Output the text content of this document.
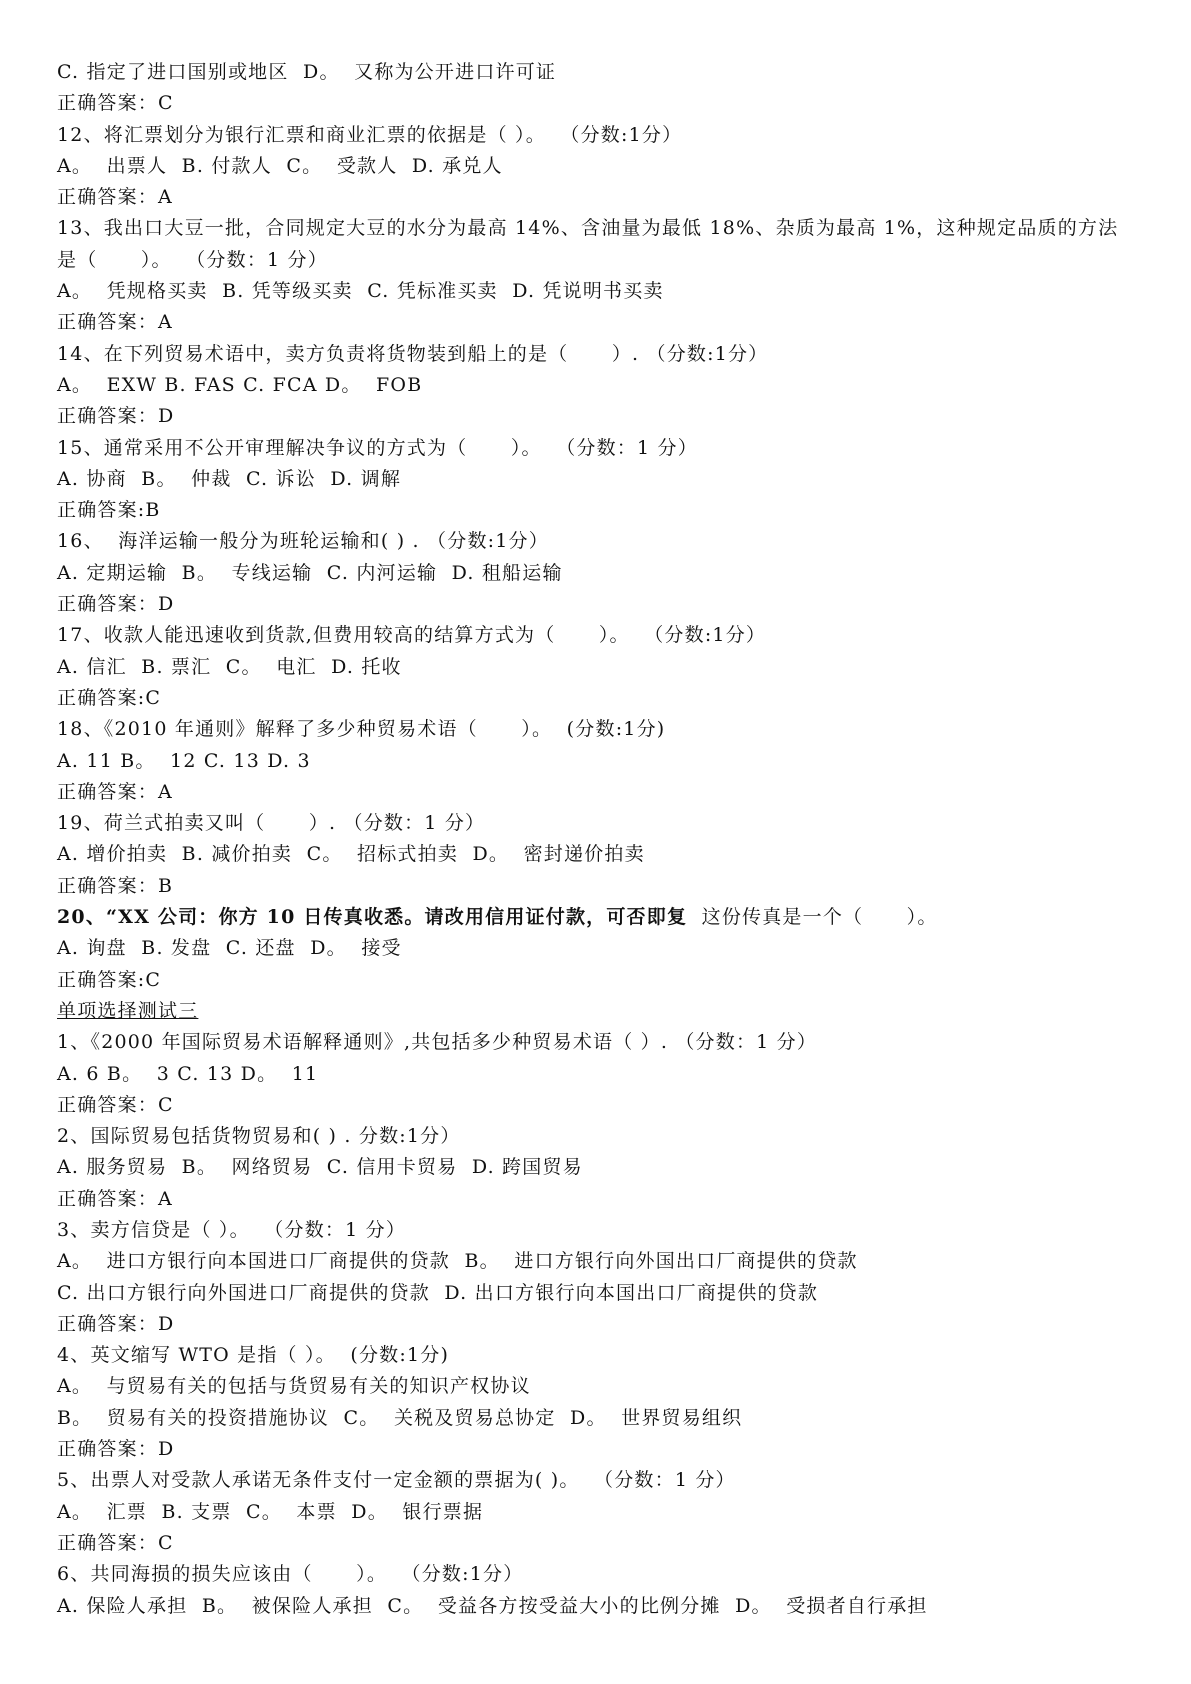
C. 指定了进口国别或地区  D。  又称为公开进口许可证

正确答案：C

12、将汇票划分为银行汇票和商业汇票的依据是（ ）。  （分数:1分）

A。  出票人  B. 付款人  C。  受款人  D. 承兑人

正确答案：A

13、我出口大豆一批，合同规定大豆的水分为最高 14%、含油量为最低 18%、杂质为最高 1%，这种规定品质的方法

是（      ）。  （分数：1 分）

A。  凭规格买卖  B. 凭等级买卖  C. 凭标准买卖  D. 凭说明书买卖

正确答案：A

14、在下列贸易术语中，卖方负责将货物装到船上的是（      ）. （分数:1分）

A。  EXW B. FAS C. FCA D。  FOB

正确答案：D

15、通常采用不公开审理解决争议的方式为（      ）。  （分数：1 分）

A. 协商  B。  仲裁  C. 诉讼  D. 调解

正确答案:B

16、  海洋运输一般分为班轮运输和( ) . （分数:1分）

A. 定期运输  B。  专线运输  C. 内河运输  D. 租船运输

正确答案：D

17、收款人能迅速收到货款,但费用较高的结算方式为（      ）。  （分数:1分）

A. 信汇  B. 票汇  C。  电汇  D. 托收

正确答案:C

18、《2010 年通则》解释了多少种贸易术语（      ）。  (分数:1分)

A. 11 B。  12 C. 13 D. 3

正确答案：A

19、荷兰式拍卖又叫（      ）. （分数：1 分）

A. 增价拍卖  B. 减价拍卖  C。  招标式拍卖  D。  密封递价拍卖

正确答案：B

20、“XX 公司：你方 10 日传真收悉。请改用信用证付款，可否即复  这份传真是一个（      ）。

A. 询盘  B. 发盘  C. 还盘  D。  接受

正确答案:C

单项选择测试三

1、《2000 年国际贸易术语解释通则》,共包括多少种贸易术语（ ）. （分数：1 分）

A. 6 B。  3 C. 13 D。  11

正确答案：C

2、国际贸易包括货物贸易和( ) . 分数:1分）

A. 服务贸易  B。  网络贸易  C. 信用卡贸易  D. 跨国贸易

正确答案：A

3、卖方信贷是（ ）。  （分数：1 分）

A。  进口方银行向本国进口厂商提供的贷款  B。  进口方银行向外国出口厂商提供的贷款

C. 出口方银行向外国进口厂商提供的贷款  D. 出口方银行向本国出口厂商提供的贷款

正确答案：D

4、英文缩写 WTO 是指（ ）。  (分数:1分)

A。  与贸易有关的包括与货贸易有关的知识产权协议

B。  贸易有关的投资措施协议  C。  关税及贸易总协定  D。  世界贸易组织

正确答案：D

5、出票人对受款人承诺无条件支付一定金额的票据为( )。  （分数：1 分）

A。  汇票  B. 支票  C。  本票  D。  银行票据

正确答案：C

6、共同海损的损失应该由（      ）。  （分数:1分）

A. 保险人承担  B。  被保险人承担  C。  受益各方按受益大小的比例分摊  D。  受损者自行承担
